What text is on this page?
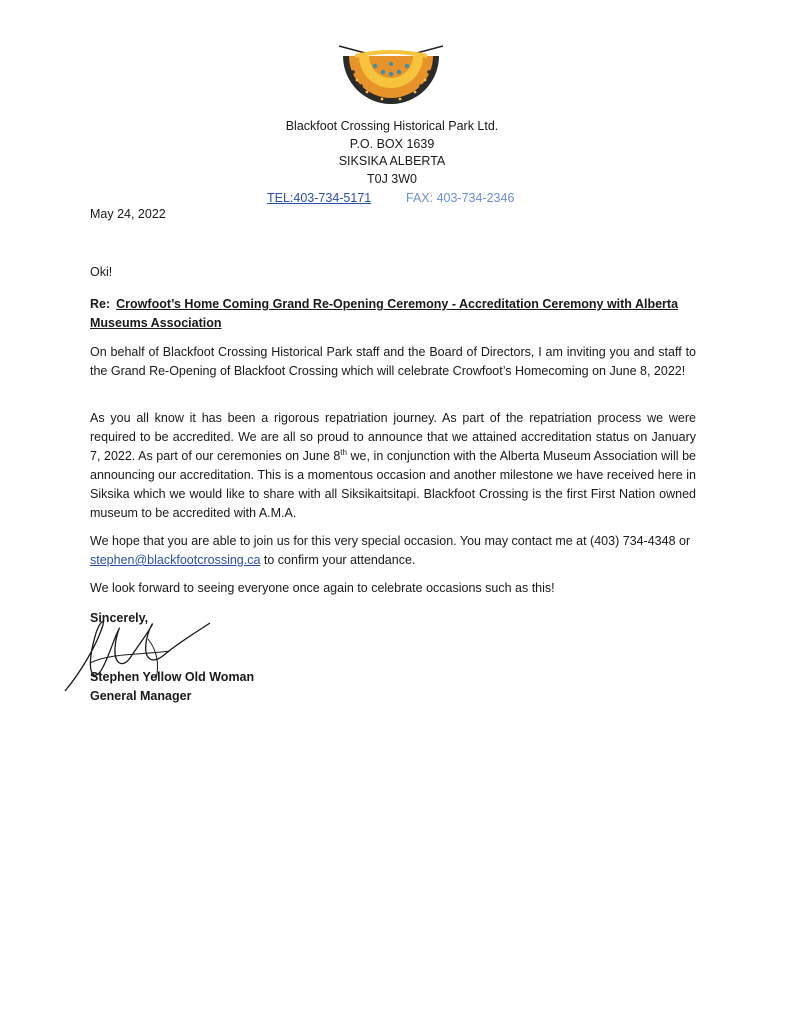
Blackfoot Crossing Historical Park Ltd.
P.O. BOX 1639
SIKSIKA ALBERTA
T0J 3W0
TEL:403-734-5171	FAX: 403-734-2346
May 24, 2022
Oki!
Re: Crowfoot’s Home Coming Grand Re-Opening Ceremony - Accreditation Ceremony with Alberta Museums Association
On behalf of Blackfoot Crossing Historical Park staff and the Board of Directors, I am inviting you and staff to the Grand Re-Opening of Blackfoot Crossing which will celebrate Crowfoot’s Homecoming on June 8, 2022!
As you all know it has been a rigorous repatriation journey. As part of the repatriation process we were required to be accredited. We are all so proud to announce that we attained accreditation status on January 7, 2022. As part of our ceremonies on June 8th we, in conjunction with the Alberta Museum Association will be announcing our accreditation. This is a momentous occasion and another milestone we have received here in Siksika which we would like to share with all Siksikaitsitapi. Blackfoot Crossing is the first First Nation owned museum to be accredited with A.M.A.
We hope that you are able to join us for this very special occasion. You may contact me at (403) 734-4348 or stephen@blackfootcrossing.ca to confirm your attendance.
We look forward to seeing everyone once again to celebrate occasions such as this!
Sincerely,
Stephen Yellow Old Woman
General Manager
